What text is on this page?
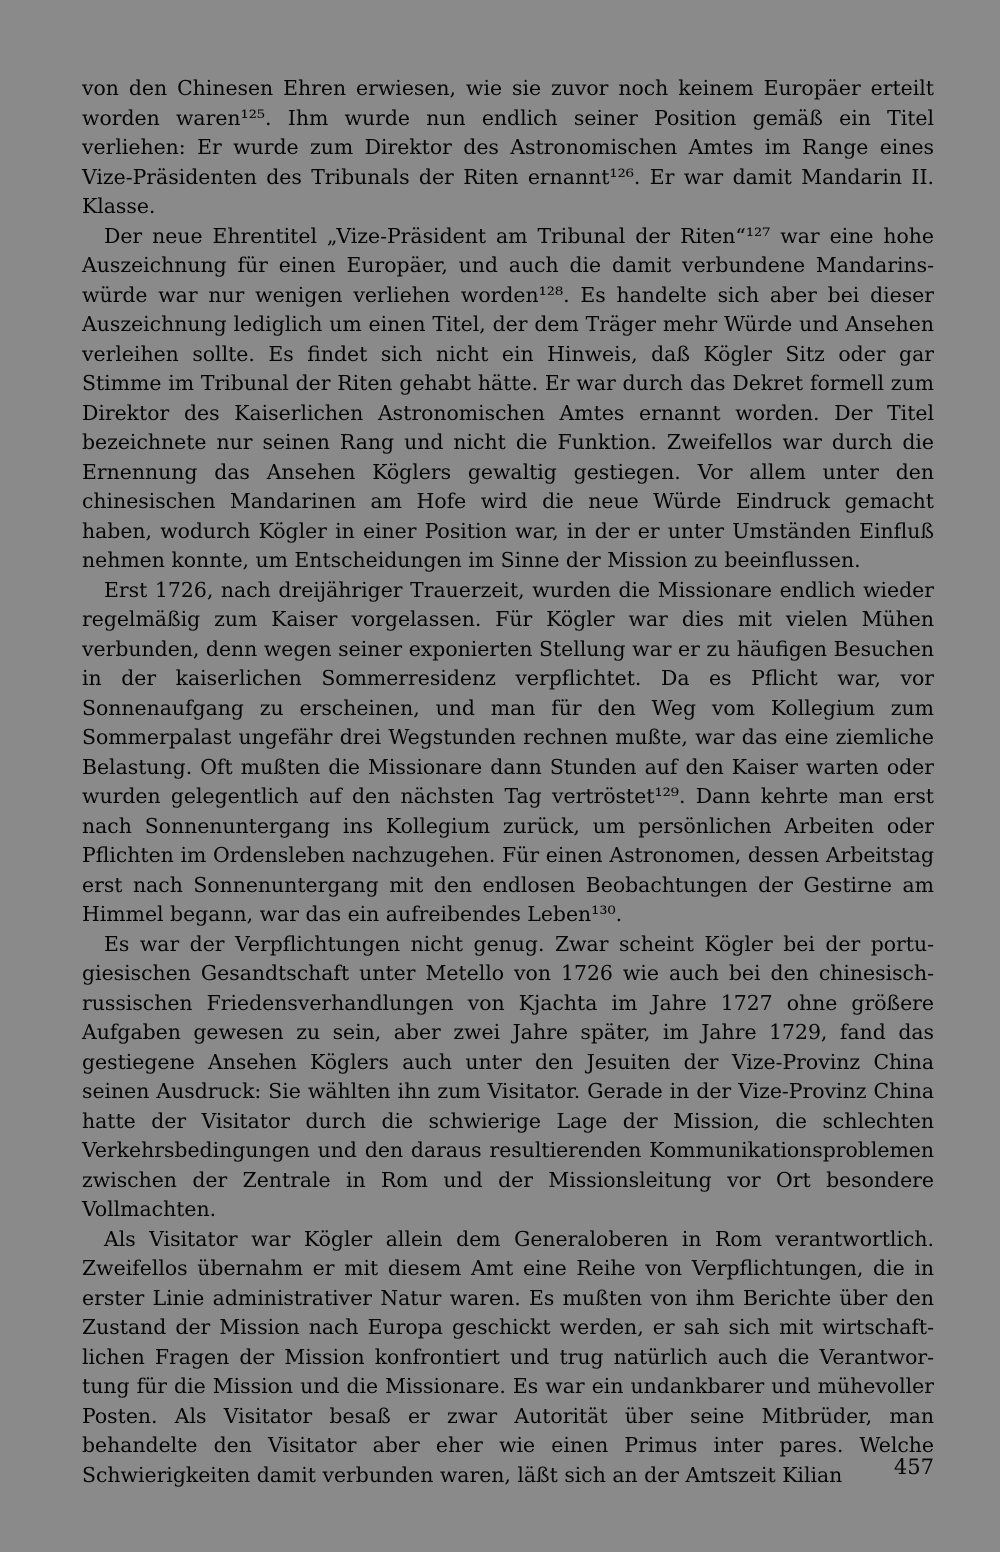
von den Chinesen Ehren erwiesen, wie sie zuvor noch keinem Europäer erteilt worden waren¹²⁵. Ihm wurde nun endlich seiner Position gemäß ein Titel verliehen: Er wurde zum Direktor des Astronomischen Amtes im Range eines Vize-Präsidenten des Tribunals der Riten ernannt¹²⁶. Er war damit Mandarin II. Klasse.

Der neue Ehrentitel „Vize-Präsident am Tribunal der Riten“¹²⁷ war eine hohe Auszeichnung für einen Europäer, und auch die damit verbundene Mandarinswürde war nur wenigen verliehen worden¹²⁸. Es handelte sich aber bei dieser Auszeichnung lediglich um einen Titel, der dem Träger mehr Würde und Ansehen verleihen sollte. Es findet sich nicht ein Hinweis, daß Kögler Sitz oder gar Stimme im Tribunal der Riten gehabt hätte. Er war durch das Dekret formell zum Direktor des Kaiserlichen Astronomischen Amtes ernannt worden. Der Titel bezeichnete nur seinen Rang und nicht die Funktion. Zweifellos war durch die Ernennung das Ansehen Köglers gewaltig gestiegen. Vor allem unter den chinesischen Mandarinen am Hofe wird die neue Würde Eindruck gemacht haben, wodurch Kögler in einer Position war, in der er unter Umständen Einfluß nehmen konnte, um Entscheidungen im Sinne der Mission zu beeinflussen.

Erst 1726, nach dreijähriger Trauerzeit, wurden die Missionare endlich wieder regelmäßig zum Kaiser vorgelassen. Für Kögler war dies mit vielen Mühen verbunden, denn wegen seiner exponierten Stellung war er zu häufigen Besuchen in der kaiserlichen Sommerresidenz verpflichtet. Da es Pflicht war, vor Sonnenaufgang zu erscheinen, und man für den Weg vom Kollegium zum Sommerpalast ungefähr drei Wegstunden rechnen mußte, war das eine ziemliche Belastung. Oft mußten die Missionare dann Stunden auf den Kaiser warten oder wurden gelegentlich auf den nächsten Tag vertröstet¹²⁹. Dann kehrte man erst nach Sonnenuntergang ins Kollegium zurück, um persönlichen Arbeiten oder Pflichten im Ordensleben nachzugehen. Für einen Astronomen, dessen Arbeitstag erst nach Sonnenuntergang mit den endlosen Beobachtungen der Gestirne am Himmel begann, war das ein aufreibendes Leben¹³⁰.

Es war der Verpflichtungen nicht genug. Zwar scheint Kögler bei der portugiesischen Gesandtschaft unter Metello von 1726 wie auch bei den chinesisch-russischen Friedensverhandlungen von Kjachta im Jahre 1727 ohne größere Aufgaben gewesen zu sein, aber zwei Jahre später, im Jahre 1729, fand das gestiegene Ansehen Köglers auch unter den Jesuiten der Vize-Provinz China seinen Ausdruck: Sie wählten ihn zum Visitator. Gerade in der Vize-Provinz China hatte der Visitator durch die schwierige Lage der Mission, die schlechten Verkehrsbedingungen und den daraus resultierenden Kommunikationsproblemen zwischen der Zentrale in Rom und der Missionsleitung vor Ort besondere Vollmachten.

Als Visitator war Kögler allein dem Generaloberen in Rom verantwortlich. Zweifellos übernahm er mit diesem Amt eine Reihe von Verpflichtungen, die in erster Linie administrativer Natur waren. Es mußten von ihm Berichte über den Zustand der Mission nach Europa geschickt werden, er sah sich mit wirtschaftlichen Fragen der Mission konfrontiert und trug natürlich auch die Verantwortung für die Mission und die Missionare. Es war ein undankbarer und mühevoller Posten. Als Visitator besaß er zwar Autorität über seine Mitbrüder, man behandelte den Visitator aber eher wie einen Primus inter pares. Welche Schwierigkeiten damit verbunden waren, läßt sich an der Amtszeit Kilian	457
